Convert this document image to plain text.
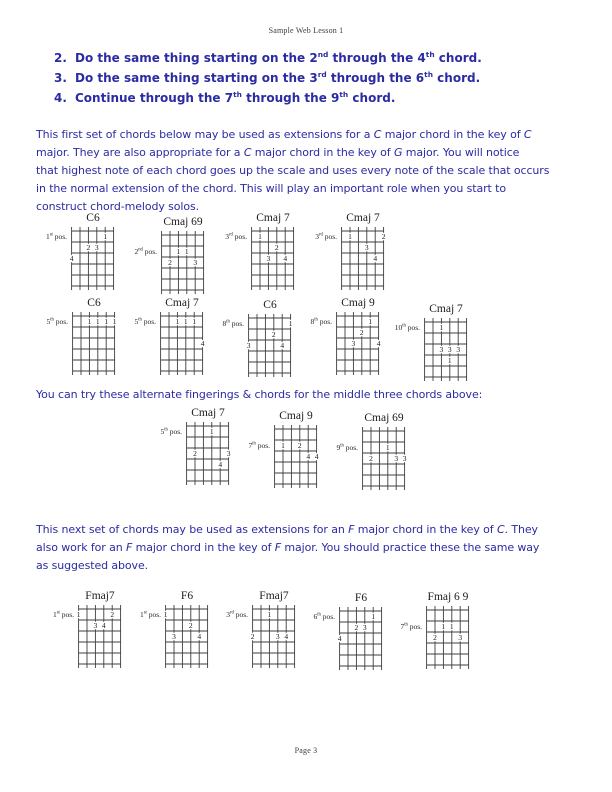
Sample Web Lesson 1
2. Do the same thing starting on the 2nd through the 4th chord.
3. Do the same thing starting on the 3rd through the 6th chord.
4. Continue through the 7th through the 9th chord.
This first set of chords below may be used as extensions for a C major chord in the key of C
major. They are also appropriate for a C major chord in the key of G major. You will notice
that highest note of each chord goes up the scale and uses every note of the scale that occurs
in the normal extension of the chord. This will play an important role when you start to
construct chord-melody solos.
1st pos.
C6
1
2 3
4
2nd pos.
Cmaj 69
1 1
2	3
3rd pos.
Cmaj 7
1
2
3 4
3rd pos.
Cmaj 7
1	2
3
4
5th pos.
C6
1 1 1 1	5th pos.
Cmaj 7
1 1 1
4
8th pos.
C6
1
2
3	4
8th pos.
Cmaj 9
1
2
3	4
10th pos.
Cmaj 7
1
3 3 3
1
You can try these alternate fingerings & chords for the middle three chords above:
5th pos.
Cmaj 7
1
2	3
4
7th pos.
Cmaj 9
1 2
4 4
9th pos.
Cmaj 69
1
2	3 3
This next set of chords may be used as extensions for an F major chord in the key of C. They
also work for an F major chord in the key of F major. You should practice these the same way
as suggested above.
1st pos.
Fmaj7
1	2
3 4
1st pos.
F6
1
2
3	4
3rd pos.
Fmaj7
1
2	3 4
6th pos.
F6
1
2 3
4
7th pos.
Fmaj 6 9
1 1
2	3
Page 3
